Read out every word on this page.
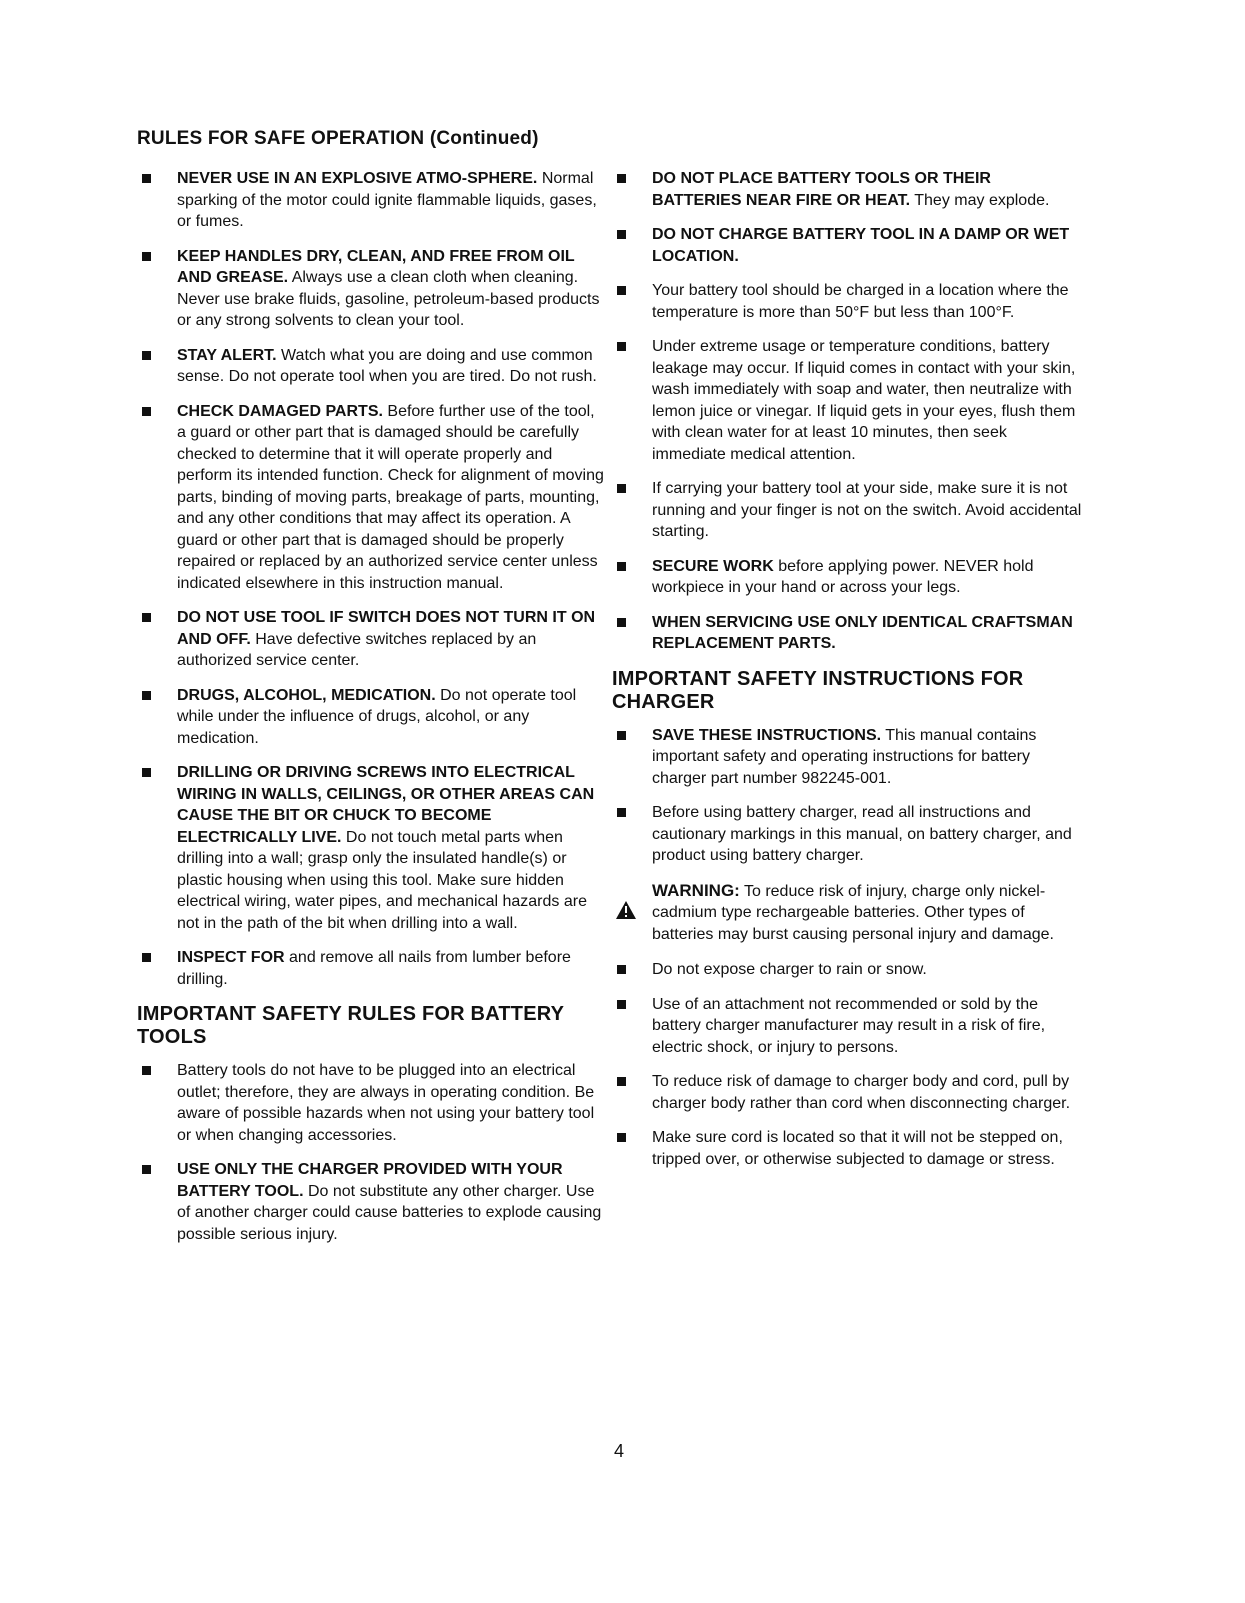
RULES FOR SAFE OPERATION (Continued)
NEVER USE IN AN EXPLOSIVE ATMO-SPHERE. Normal sparking of the motor could ignite flammable liquids, gases, or fumes.
KEEP HANDLES DRY, CLEAN, AND FREE FROM OIL AND GREASE. Always use a clean cloth when cleaning. Never use brake fluids, gasoline, petroleum-based products or any strong solvents to clean your tool.
STAY ALERT. Watch what you are doing and use common sense. Do not operate tool when you are tired. Do not rush.
CHECK DAMAGED PARTS. Before further use of the tool, a guard or other part that is damaged should be carefully checked to determine that it will operate properly and perform its intended function. Check for alignment of moving parts, binding of moving parts, breakage of parts, mounting, and any other conditions that may affect its operation. A guard or other part that is damaged should be properly repaired or replaced by an authorized service center unless indicated elsewhere in this instruction manual.
DO NOT USE TOOL IF SWITCH DOES NOT TURN IT ON AND OFF. Have defective switches replaced by an authorized service center.
DRUGS, ALCOHOL, MEDICATION. Do not operate tool while under the influence of drugs, alcohol, or any medication.
DRILLING OR DRIVING SCREWS INTO ELECTRICAL WIRING IN WALLS, CEILINGS, OR OTHER AREAS CAN CAUSE THE BIT OR CHUCK TO BECOME ELECTRICALLY LIVE. Do not touch metal parts when drilling into a wall; grasp only the insulated handle(s) or plastic housing when using this tool. Make sure hidden electrical wiring, water pipes, and mechanical hazards are not in the path of the bit when drilling into a wall.
INSPECT FOR and remove all nails from lumber before drilling.
IMPORTANT SAFETY RULES FOR BATTERY TOOLS
Battery tools do not have to be plugged into an electrical outlet; therefore, they are always in operating condition. Be aware of possible hazards when not using your battery tool or when changing accessories.
USE ONLY THE CHARGER PROVIDED WITH YOUR BATTERY TOOL. Do not substitute any other charger. Use of another charger could cause batteries to explode causing possible serious injury.
DO NOT PLACE BATTERY TOOLS OR THEIR BATTERIES NEAR FIRE OR HEAT. They may explode.
DO NOT CHARGE BATTERY TOOL IN A DAMP OR WET LOCATION.
Your battery tool should be charged in a location where the temperature is more than 50°F but less than 100°F.
Under extreme usage or temperature conditions, battery leakage may occur. If liquid comes in contact with your skin, wash immediately with soap and water, then neutralize with lemon juice or vinegar. If liquid gets in your eyes, flush them with clean water for at least 10 minutes, then seek immediate medical attention.
If carrying your battery tool at your side, make sure it is not running and your finger is not on the switch. Avoid accidental starting.
SECURE WORK before applying power. NEVER hold workpiece in your hand or across your legs.
WHEN SERVICING USE ONLY IDENTICAL CRAFTSMAN REPLACEMENT PARTS.
IMPORTANT SAFETY INSTRUCTIONS FOR CHARGER
SAVE THESE INSTRUCTIONS. This manual contains important safety and operating instructions for battery charger part number 982245-001.
Before using battery charger, read all instructions and cautionary markings in this manual, on battery charger, and product using battery charger.
WARNING: To reduce risk of injury, charge only nickel-cadmium type rechargeable batteries. Other types of batteries may burst causing personal injury and damage.
Do not expose charger to rain or snow.
Use of an attachment not recommended or sold by the battery charger manufacturer may result in a risk of fire, electric shock, or injury to persons.
To reduce risk of damage to charger body and cord, pull by charger body rather than cord when disconnecting charger.
Make sure cord is located so that it will not be stepped on, tripped over, or otherwise subjected to damage or stress.

4
